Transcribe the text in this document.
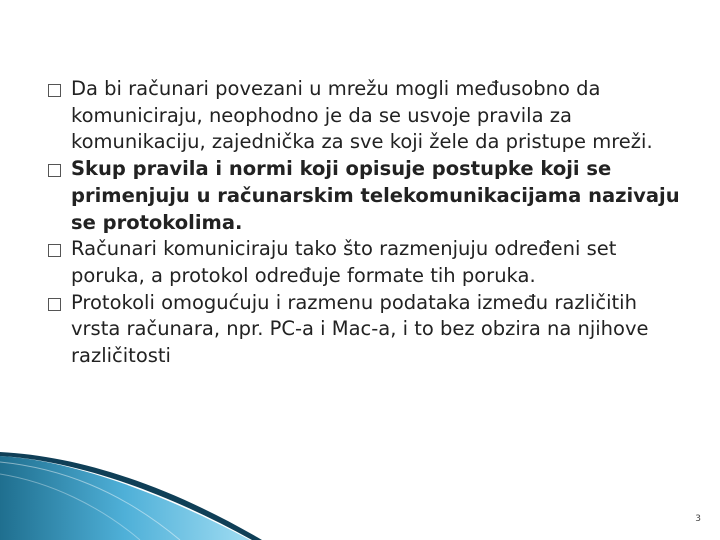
Da bi računari povezani u mrežu mogli međusobno da komuniciraju, neophodno je da se usvoje pravila za komunikaciju, zajednička za sve koji žele da pristupe mreži.
Skup pravila i normi koji opisuje postupke koji se primenjuju u računarskim telekomunikacijama nazivaju se protokolima.
Računari komuniciraju tako što razmenjuju određeni set poruka, a protokol određuje formate tih poruka.
Protokoli omogućuju i razmenu podataka između različitih vrsta računara, npr. PC-a i Mac-a, i to bez obzira na njihove različitosti
3
